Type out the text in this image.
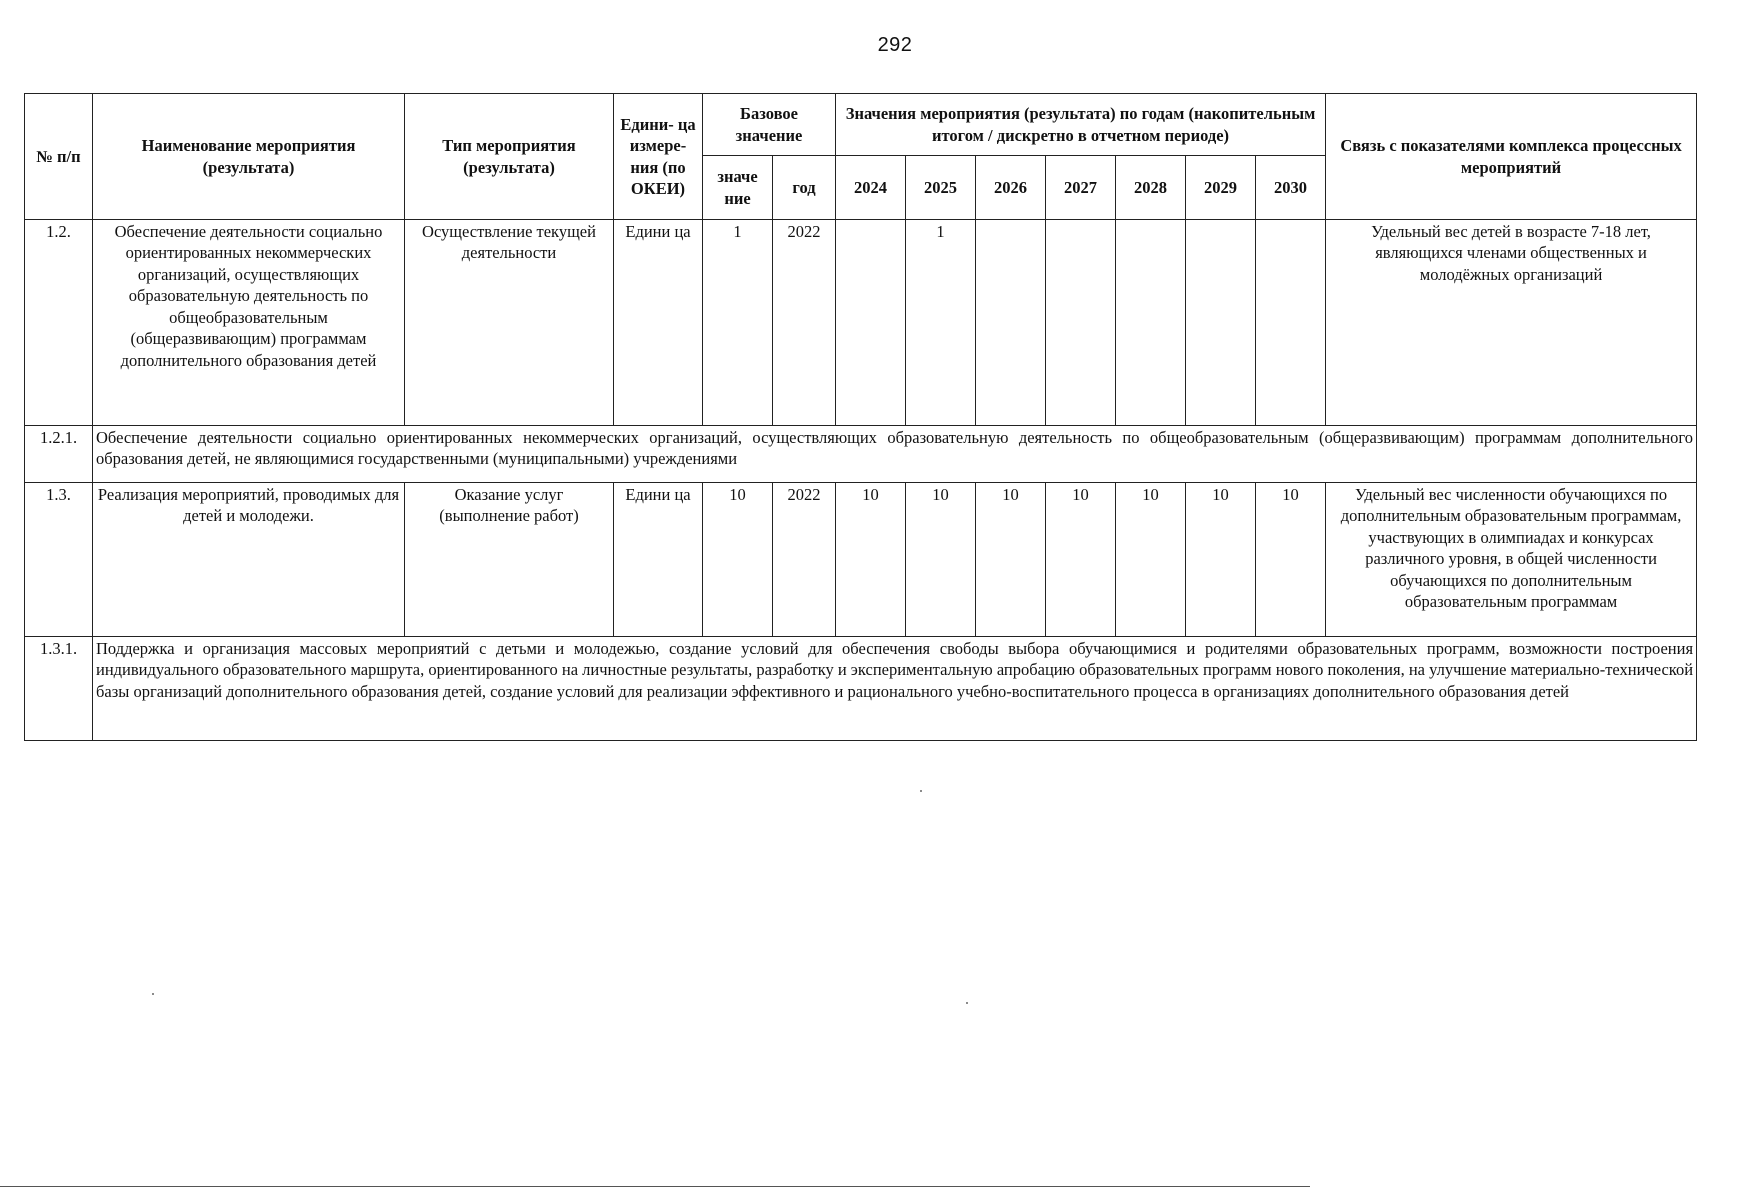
292
№ п/п	Наименование мероприятия (результата)	Тип мероприятия (результата)	Едини- ца измере- ния (по ОКЕИ)	Базовое значение		Значения мероприятия (результата) по годам (накопительным итогом / дискретно в отчетном периоде)							Связь с показателями комплекса процессных мероприятий
				значе ние	год	2024	2025	2026	2027	2028	2029	2030	
1.2.	Обеспечение деятельности социально ориентированных некоммерческих организаций, осуществляющих образовательную деятельность по общеобразовательным (общеразвивающим) программам дополнительного образования детей	Осуществление текущей деятельности	Едини ца	1	2022		1						Удельный вес детей в возрасте 7-18 лет, являющихся членами общественных и молодёжных организаций
1.2.1.	Обеспечение деятельности социально ориентированных некоммерческих организаций, осуществляющих образовательную деятельность по общеобразовательным (общеразвивающим) программам дополнительного образования детей, не являющимися государственными (муниципальными) учреждениями												
1.3.	Реализация мероприятий, проводимых для детей и молодежи.	Оказание услуг (выполнение работ)	Едини ца	10	2022	10	10	10	10	10	10	10	Удельный вес численности обучающихся по дополнительным образовательным программам, участвующих в олимпиадах и конкурсах различного уровня, в общей численности обучающихся по дополнительным образовательным программам
1.3.1.	Поддержка и организация массовых мероприятий с детьми и молодежью, создание условий для обеспечения свободы выбора обучающимися и родителями образовательных программ, возможности построения индивидуального образовательного маршрута, ориентированного на личностные результаты, разработку и экспериментальную апробацию образовательных программ нового поколения, на улучшение материально-технической базы организаций дополнительного образования детей, создание условий для реализации эффективного и рационального учебно-воспитательного процесса в организациях дополнительного образования детей												
